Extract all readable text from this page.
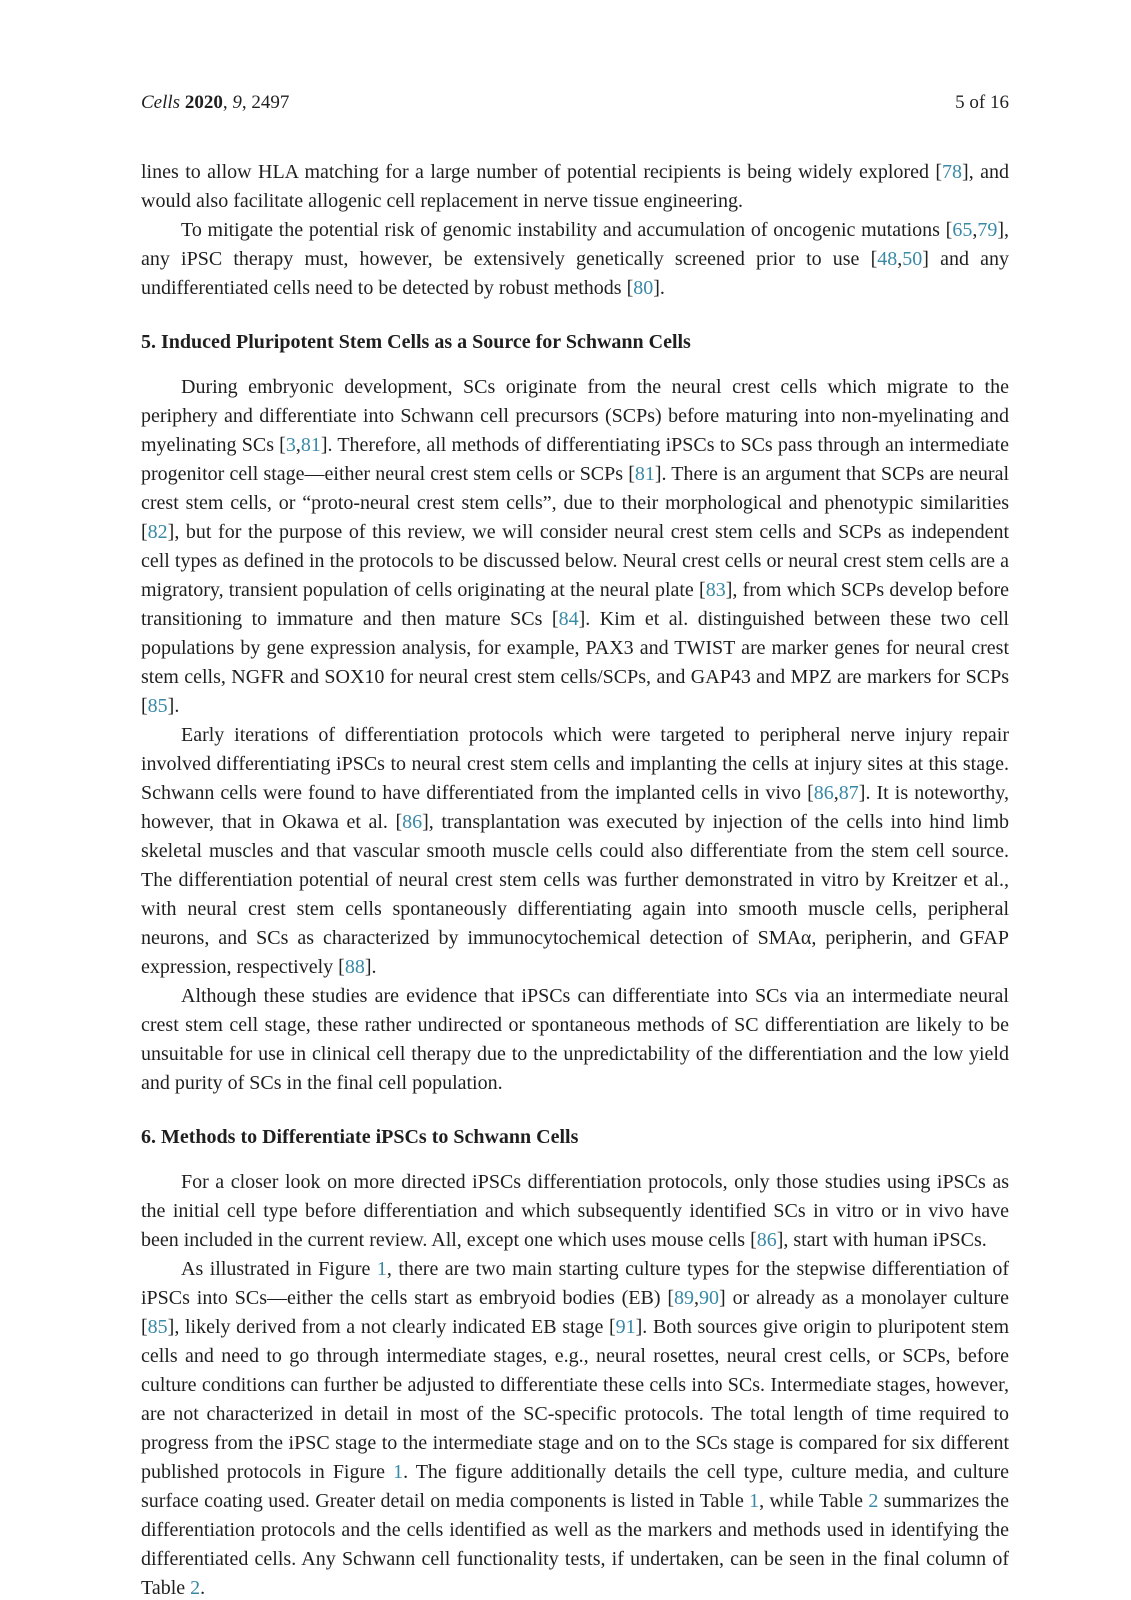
Cells 2020, 9, 2497	5 of 16

lines to allow HLA matching for a large number of potential recipients is being widely explored [78], and would also facilitate allogenic cell replacement in nerve tissue engineering.

To mitigate the potential risk of genomic instability and accumulation of oncogenic mutations [65,79], any iPSC therapy must, however, be extensively genetically screened prior to use [48,50] and any undifferentiated cells need to be detected by robust methods [80].

5. Induced Pluripotent Stem Cells as a Source for Schwann Cells

During embryonic development, SCs originate from the neural crest cells which migrate to the periphery and differentiate into Schwann cell precursors (SCPs) before maturing into non-myelinating and myelinating SCs [3,81]. Therefore, all methods of differentiating iPSCs to SCs pass through an intermediate progenitor cell stage—either neural crest stem cells or SCPs [81]. There is an argument that SCPs are neural crest stem cells, or “proto-neural crest stem cells”, due to their morphological and phenotypic similarities [82], but for the purpose of this review, we will consider neural crest stem cells and SCPs as independent cell types as defined in the protocols to be discussed below. Neural crest cells or neural crest stem cells are a migratory, transient population of cells originating at the neural plate [83], from which SCPs develop before transitioning to immature and then mature SCs [84]. Kim et al. distinguished between these two cell populations by gene expression analysis, for example, PAX3 and TWIST are marker genes for neural crest stem cells, NGFR and SOX10 for neural crest stem cells/SCPs, and GAP43 and MPZ are markers for SCPs [85].

Early iterations of differentiation protocols which were targeted to peripheral nerve injury repair involved differentiating iPSCs to neural crest stem cells and implanting the cells at injury sites at this stage. Schwann cells were found to have differentiated from the implanted cells in vivo [86,87]. It is noteworthy, however, that in Okawa et al. [86], transplantation was executed by injection of the cells into hind limb skeletal muscles and that vascular smooth muscle cells could also differentiate from the stem cell source. The differentiation potential of neural crest stem cells was further demonstrated in vitro by Kreitzer et al., with neural crest stem cells spontaneously differentiating again into smooth muscle cells, peripheral neurons, and SCs as characterized by immunocytochemical detection of SMAα, peripherin, and GFAP expression, respectively [88].

Although these studies are evidence that iPSCs can differentiate into SCs via an intermediate neural crest stem cell stage, these rather undirected or spontaneous methods of SC differentiation are likely to be unsuitable for use in clinical cell therapy due to the unpredictability of the differentiation and the low yield and purity of SCs in the final cell population.

6. Methods to Differentiate iPSCs to Schwann Cells

For a closer look on more directed iPSCs differentiation protocols, only those studies using iPSCs as the initial cell type before differentiation and which subsequently identified SCs in vitro or in vivo have been included in the current review. All, except one which uses mouse cells [86], start with human iPSCs.

As illustrated in Figure 1, there are two main starting culture types for the stepwise differentiation of iPSCs into SCs—either the cells start as embryoid bodies (EB) [89,90] or already as a monolayer culture [85], likely derived from a not clearly indicated EB stage [91]. Both sources give origin to pluripotent stem cells and need to go through intermediate stages, e.g., neural rosettes, neural crest cells, or SCPs, before culture conditions can further be adjusted to differentiate these cells into SCs. Intermediate stages, however, are not characterized in detail in most of the SC-specific protocols. The total length of time required to progress from the iPSC stage to the intermediate stage and on to the SCs stage is compared for six different published protocols in Figure 1. The figure additionally details the cell type, culture media, and culture surface coating used. Greater detail on media components is listed in Table 1, while Table 2 summarizes the differentiation protocols and the cells identified as well as the markers and methods used in identifying the differentiated cells. Any Schwann cell functionality tests, if undertaken, can be seen in the final column of Table 2.
